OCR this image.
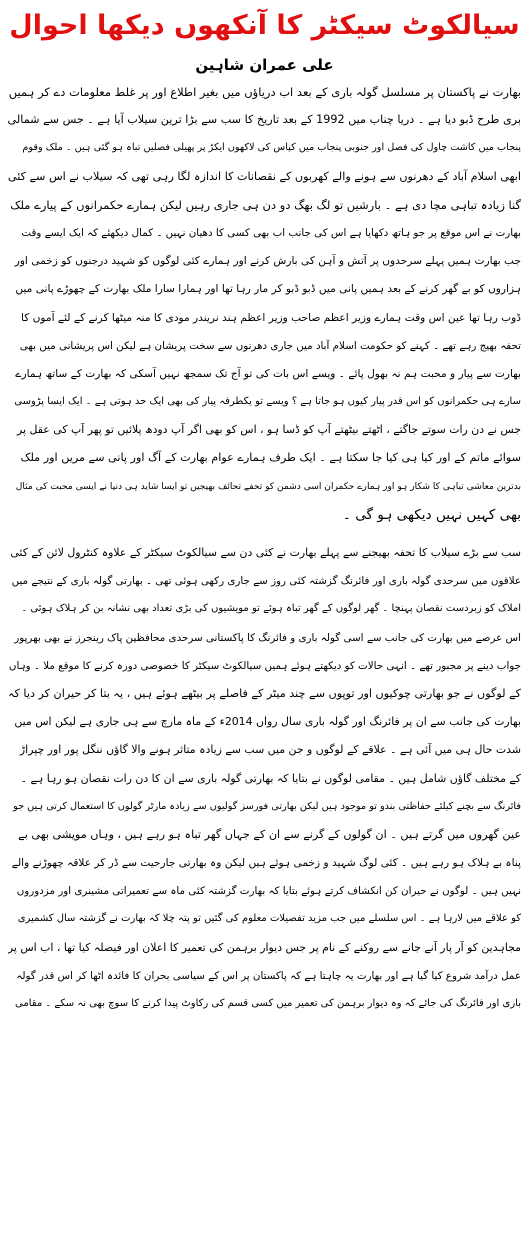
سیالکوٹ سیکٹر کا آنکھوں دیکھا احوال
علی عمران شاہین
بھارت نے پاکستان پر مسلسل گولہ باری کے بعد اب دریاؤں میں بغیر اطلاع اور پر غلط معلومات دے کر ہمیں
بری طرح ڈبو دیا ہے ۔ دریا چناب میں 1992 کے بعد تاریخ کا سب سے بڑا ترین سیلاب آیا ہے ۔ جس سے شمالی
پنجاب میں کاشت چاول کی فصل اور جنوبی پنجاب میں کپاس کی لاکھوں ایکڑ پر پھیلی فصلیں تباہ ہو گئی ہیں ۔ ملک وقوم
ابھی اسلام آباد کے دھرنوں سے ہونے والے کھربوں کے نقصانات کا اندازہ لگا رہی تھی کہ سیلاب نے اس سے کئی
گنا زیادہ تباہی مچا دی ہے ۔ بارشیں تو لگ بھگ دو دن ہی جاری رہیں لیکن ہمارے حکمرانوں کے پیارے ملک
بھارت نے اس موقع پر جو ہاتھ دکھایا ہے اس کی جانب اب بھی کسی کا دھیان نہیں ۔ کمال دیکھئے کہ ایک ایسے وقت
جب بھارت ہمیں پہلے سرحدوں پر آتش و آہن کی بارش کرنے اور ہمارے کئی لوگوں کو شہید درجنوں کو زخمی اور
ہزاروں کو بے گھر کرنے کے بعد ہمیں پانی میں ڈبو ڈبو کر مار رہا تھا اور ہمارا سارا ملک بھارت کے چھوڑے پانی میں
ڈوب رہا تھا عین اس وقت ہمارے وزیر اعظم صاحب وزیر اعظم ہند نریندر مودی کا منہ میٹھا کرنے کے لئے آموں کا
تحفہ بھیج رہے تھے ۔ کہنے کو حکومت اسلام آباد میں جاری دھرنوں سے سخت پریشان ہے لیکن اس پریشانی میں بھی
بھارت سے پیار و محبت ہم نہ بھول پائے ۔ ویسے اس بات کی تو آج تک سمجھ نہیں آسکی کہ بھارت کے ساتھ ہمارے
سارے ہی حکمرانوں کو اس قدر پیار کیوں ہو جاتا ہے ؟ ویسے تو یکطرفہ پیار کی بھی ایک حد ہوتی ہے ۔ ایک ایسا پڑوسی
جس نے دن رات سوتے جاگتے ، اٹھتے بیٹھتے آپ کو ڈسا ہو ، اس کو بھی اگر آپ دودھ پلائیں تو پھر آپ کی عقل پر
سوائے ماتم کے اور کیا ہی کیا جا سکتا ہے ۔ ایک طرف ہمارے عوام بھارت کے آگ اور پانی سے مریں اور ملک
بدترین معاشی تباہی کا شکار ہو اور ہمارے حکمران اسی دشمن کو تحفے تحائف بھیجیں تو ایسا شاید ہی دنیا نے ایسی محبت کی مثال
بھی کہیں نہیں دیکھی ہو گی ۔
سب سے بڑے سیلاب کا تحفہ بھیجنے سے پہلے بھارت نے کئی دن سے سیالکوٹ سیکٹر کے علاوہ کنٹرول لائن کے کئی
علاقوں میں سرحدی گولہ باری اور فائرنگ گزشتہ کئی روز سے جاری رکھی ہوئی تھی ۔ بھارتی گولہ باری کے نتیجے میں
املاک کو زبردست نقصان پہنچا ۔ گھر لوگوں کے گھر تباہ ہوئے تو مویشیوں کی بڑی تعداد بھی نشانہ بن کر ہلاک ہوئی ۔
اس عرصے میں بھارت کی جانب سے اسی گولہ باری و فائرنگ کا پاکستانی سرحدی محافظین پاک رینجرز نے بھی بھرپور
جواب دینے پر مجبور تھے ۔ انہی حالات کو دیکھتے ہوئے ہمیں سیالکوٹ سیکٹر کا خصوصی دورہ کرنے کا موقع ملا ۔ وہاں
کے لوگوں نے جو بھارتی چوکیوں اور توپوں سے چند میٹر کے فاصلے پر بیٹھے ہوئے ہیں ، یہ بتا کر حیران کر دیا کہ
بھارت کی جانب سے ان پر فائرنگ اور گولہ باری سال رواں 2014ء کے ماہ مارچ سے ہی جاری ہے لیکن اس میں
شدت حال ہی میں آئی ہے ۔ علاقے کے لوگوں و جن میں سب سے زیادہ متاثر ہونے والا گاؤں ننگل پور اور چپراڑ
کے مختلف گاؤں شامل ہیں ۔ مقامی لوگوں نے بتایا کہ بھارتی گولہ باری سے ان کا دن رات نقصان ہو رہا ہے ۔
فائرنگ سے بچنے کیلئے حفاظتی بندو تو موجود ہیں لیکن بھارتی فورسز گولیوں سے زیادہ مارٹر گولوں کا استعمال کرتی ہیں جو
عین گھروں میں گرتے ہیں ۔ ان گولوں کے گرنے سے ان کے جہاں گھر تباہ ہو رہے ہیں ، وہاں مویشی بھی بے
پناہ بے ہلاک ہو رہے ہیں ۔ کئی لوگ شہید و زخمی ہوئے ہیں لیکن وہ بھارتی جارحیت سے ڈر کر علاقہ چھوڑنے والے
نہیں ہیں ۔ لوگوں نے حیران کن انکشاف کرتے ہوئے بتایا کہ بھارت گزشتہ کئی ماہ سے تعمیراتی مشینری اور مزدوروں
کو علاقے میں لارہا ہے ۔ اس سلسلے میں جب مزید تفصیلات معلوم کی گئیں تو پتہ چلا کہ بھارت نے گزشتہ سال کشمیری
مجاہدین کو آر پار آنے جانے سے روکنے کے نام پر جس دیوار برہمن کی تعمیر کا اعلان اور فیصلہ کیا تھا ، اب اس پر
عمل درآمد شروع کیا گیا ہے اور بھارت یہ چاہتا ہے کہ پاکستان پر اس کے سیاسی بحران کا فائدہ اٹھا کر اس قدر گولہ
باری اور فائرنگ کی جائے کہ وہ دیوار برہمن کی تعمیر میں کسی قسم کی رکاوٹ پیدا کرنے کا سوچ بھی نہ سکے ۔ مقامی
